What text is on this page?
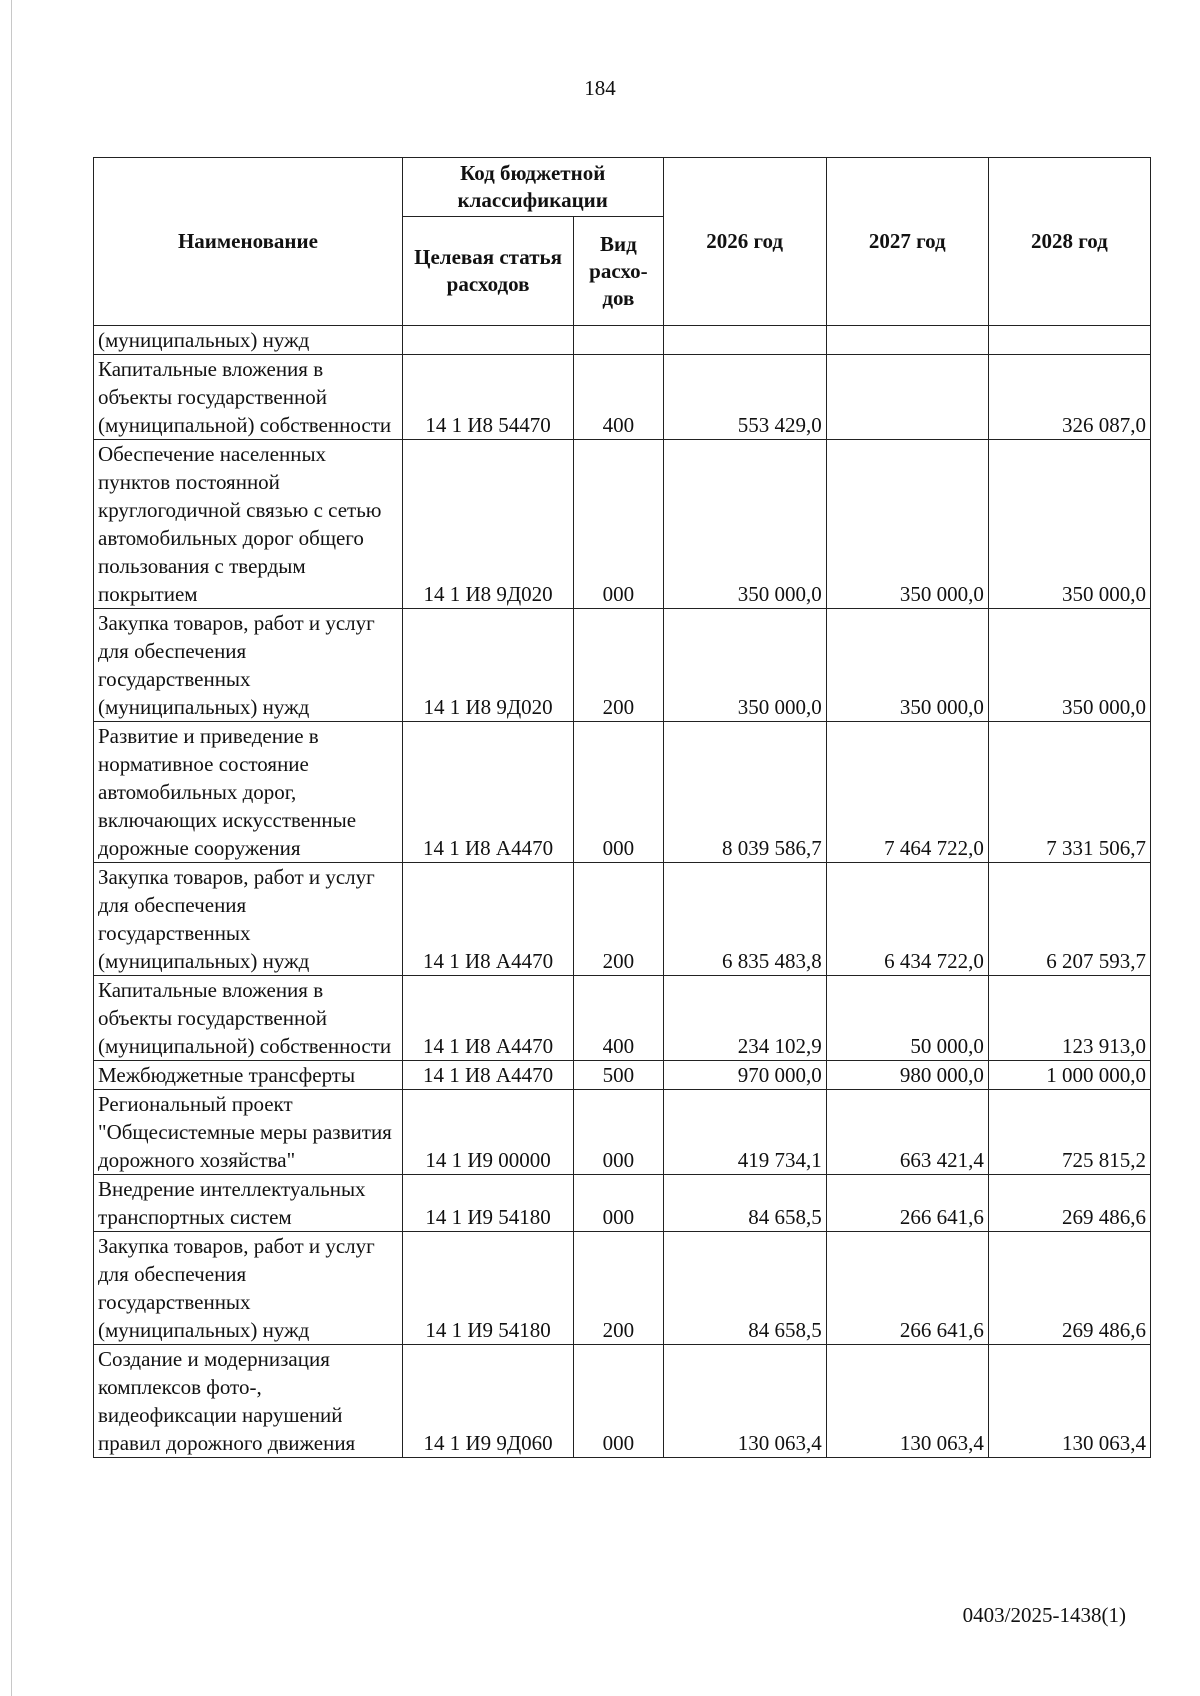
184
Наименование	Код бюджетной классификации		2026 год	2027 год	2028 год
	Целевая статья расходов	Вид расхо-дов			
(муниципальных) нужд					
Капитальные вложения в объекты государственной (муниципальной) собственности	14 1 И8 54470	400	553 429,0		326 087,0
Обеспечение населенных пунктов постоянной круглогодичной связью с сетью автомобильных дорог общего пользования с твердым покрытием	14 1 И8 9Д020	000	350 000,0	350 000,0	350 000,0
Закупка товаров, работ и услуг для обеспечения государственных (муниципальных) нужд	14 1 И8 9Д020	200	350 000,0	350 000,0	350 000,0
Развитие и приведение в нормативное состояние автомобильных дорог, включающих искусственные дорожные сооружения	14 1 И8 А4470	000	8 039 586,7	7 464 722,0	7 331 506,7
Закупка товаров, работ и услуг для обеспечения государственных (муниципальных) нужд	14 1 И8 А4470	200	6 835 483,8	6 434 722,0	6 207 593,7
Капитальные вложения в объекты государственной (муниципальной) собственности	14 1 И8 А4470	400	234 102,9	50 000,0	123 913,0
Межбюджетные трансферты	14 1 И8 А4470	500	970 000,0	980 000,0	1 000 000,0
Региональный проект "Общесистемные меры развития дорожного хозяйства"	14 1 И9 00000	000	419 734,1	663 421,4	725 815,2
Внедрение интеллектуальных транспортных систем	14 1 И9 54180	000	84 658,5	266 641,6	269 486,6
Закупка товаров, работ и услуг для обеспечения государственных (муниципальных) нужд	14 1 И9 54180	200	84 658,5	266 641,6	269 486,6
Создание и модернизация комплексов фото-, видеофиксации нарушений правил дорожного движения	14 1 И9 9Д060	000	130 063,4	130 063,4	130 063,4
0403/2025-1438(1)
